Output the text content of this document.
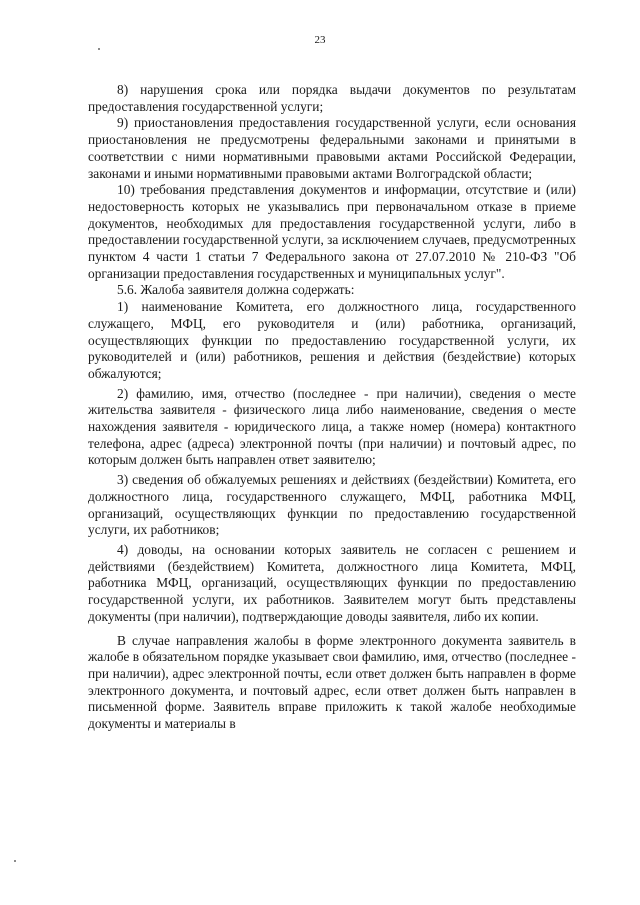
23

8) нарушения срока или порядка выдачи документов по результатам предоставления государственной услуги;

9) приостановления предоставления государственной услуги, если основания приостановления не предусмотрены федеральными законами и принятыми в соответствии с ними нормативными правовыми актами Российской Федерации, законами и иными нормативными правовыми актами Волгоградской области;

10) требования представления документов и информации, отсутствие и (или) недостоверность которых не указывались при первоначальном отказе в приеме документов, необходимых для предоставления государственной услуги, либо в предоставлении государственной услуги, за исключением случаев, предусмотренных пунктом 4 части 1 статьи 7 Федерального закона от 27.07.2010 № 210-ФЗ "Об организации предоставления государственных и муниципальных услуг".

5.6. Жалоба заявителя должна содержать:

1) наименование Комитета, его должностного лица, государственного служащего, МФЦ, его руководителя и (или) работника, организаций, осуществляющих функции по предоставлению государственной услуги, их руководителей и (или) работников, решения и действия (бездействие) которых обжалуются;

2) фамилию, имя, отчество (последнее - при наличии), сведения о месте жительства заявителя - физического лица либо наименование, сведения о месте нахождения заявителя - юридического лица, а также номер (номера) контактного телефона, адрес (адреса) электронной почты (при наличии) и почтовый адрес, по которым должен быть направлен ответ заявителю;

3) сведения об обжалуемых решениях и действиях (бездействии) Комитета, его должностного лица, государственного служащего, МФЦ, работника МФЦ, организаций, осуществляющих функции по предоставлению государственной услуги, их работников;

4) доводы, на основании которых заявитель не согласен с решением и действиями (бездействием) Комитета, должностного лица Комитета, МФЦ, работника МФЦ, организаций, осуществляющих функции по предоставлению государственной услуги, их работников. Заявителем могут быть представлены документы (при наличии), подтверждающие доводы заявителя, либо их копии.

В случае направления жалобы в форме электронного документа заявитель в жалобе в обязательном порядке указывает свои фамилию, имя, отчество (последнее - при наличии), адрес электронной почты, если ответ должен быть направлен в форме электронного документа, и почтовый адрес, если ответ должен быть направлен в письменной форме. Заявитель вправе приложить к такой жалобе необходимые документы и материалы в
